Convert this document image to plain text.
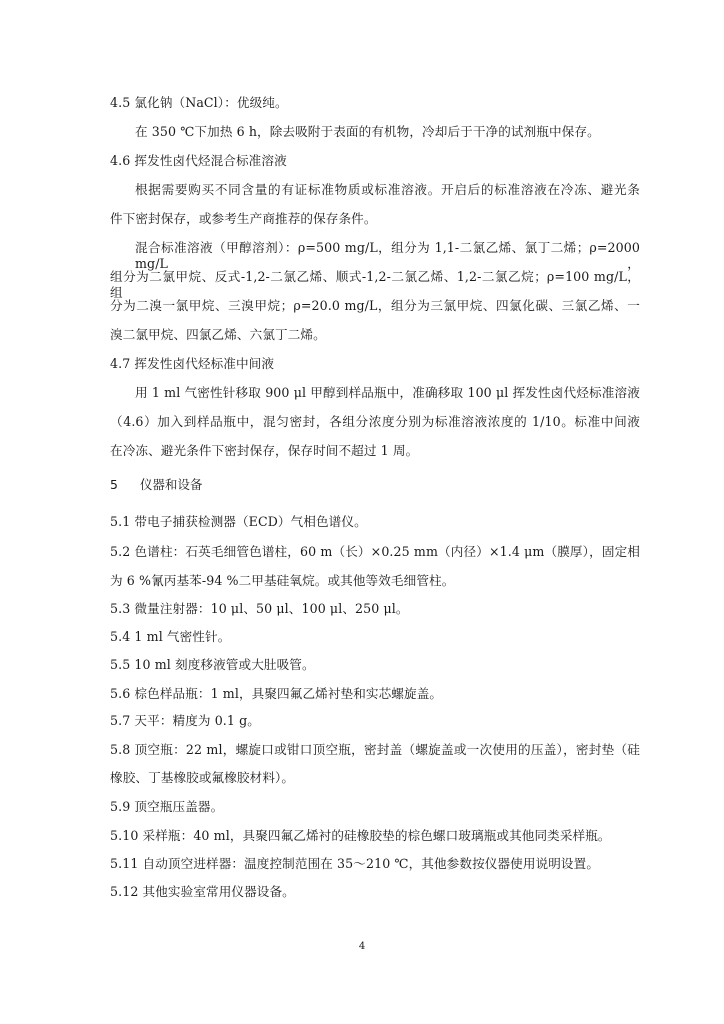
4.5 氯化钠（NaCl）：优级纯。
在 350 ℃下加热 6 h，除去吸附于表面的有机物，冷却后于干净的试剂瓶中保存。
4.6 挥发性卤代烃混合标准溶液
根据需要购买不同含量的有证标准物质或标准溶液。开启后的标准溶液在冷冻、避光条
件下密封保存，或参考生产商推荐的保存条件。
混合标准溶液（甲醇溶剂）：ρ=500 mg/L，组分为 1,1-二氯乙烯、氯丁二烯；ρ=2000 mg/L，
组分为二氯甲烷、反式-1,2-二氯乙烯、顺式-1,2-二氯乙烯、1,2-二氯乙烷；ρ=100 mg/L，组
分为二溴一氯甲烷、三溴甲烷；ρ=20.0 mg/L，组分为三氯甲烷、四氯化碳、三氯乙烯、一
溴二氯甲烷、四氯乙烯、六氯丁二烯。
4.7 挥发性卤代烃标准中间液
用 1 ml 气密性针移取 900 μl 甲醇到样品瓶中，准确移取 100 μl 挥发性卤代烃标准溶液
（4.6）加入到样品瓶中，混匀密封，各组分浓度分别为标准溶液浓度的 1/10。标准中间液
在冷冻、避光条件下密封保存，保存时间不超过 1 周。
5 仪器和设备
5.1 带电子捕获检测器（ECD）气相色谱仪。
5.2 色谱柱：石英毛细管色谱柱，60 m（长）×0.25 mm（内径）×1.4 μm（膜厚），固定相
为 6 %氰丙基苯-94 %二甲基硅氧烷。或其他等效毛细管柱。
5.3 微量注射器：10 μl、50 μl、100 μl、250 μl。
5.4 1 ml 气密性针。
5.5 10 ml 刻度移液管或大肚吸管。
5.6 棕色样品瓶：1 ml，具聚四氟乙烯衬垫和实芯螺旋盖。
5.7 天平：精度为 0.1 g。
5.8 顶空瓶：22 ml，螺旋口或钳口顶空瓶，密封盖（螺旋盖或一次使用的压盖），密封垫（硅
橡胶、丁基橡胶或氟橡胶材料）。
5.9 顶空瓶压盖器。
5.10 采样瓶：40 ml，具聚四氟乙烯衬的硅橡胶垫的棕色螺口玻璃瓶或其他同类采样瓶。
5.11 自动顶空进样器：温度控制范围在 35～210 ℃，其他参数按仪器使用说明设置。
5.12 其他实验室常用仪器设备。
4
